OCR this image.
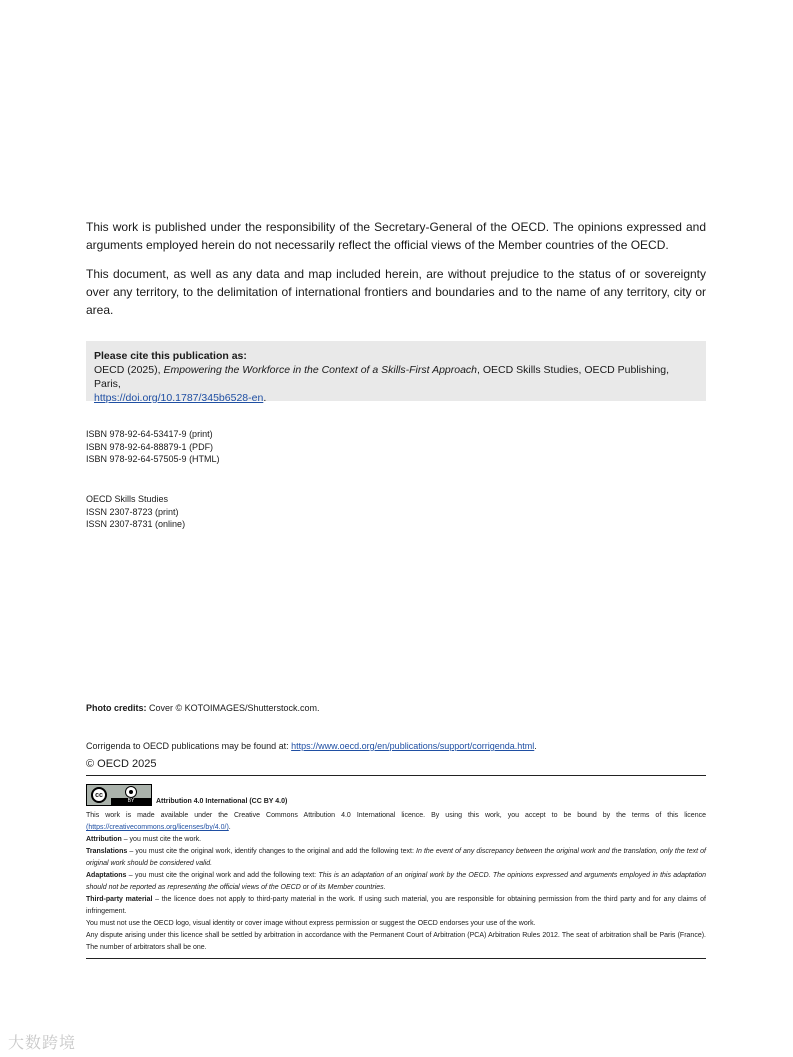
This work is published under the responsibility of the Secretary-General of the OECD. The opinions expressed and arguments employed herein do not necessarily reflect the official views of the Member countries of the OECD.

This document, as well as any data and map included herein, are without prejudice to the status of or sovereignty over any territory, to the delimitation of international frontiers and boundaries and to the name of any territory, city or area.

Please cite this publication as:
OECD (2025), Empowering the Workforce in the Context of a Skills-First Approach, OECD Skills Studies, OECD Publishing, Paris,
https://doi.org/10.1787/345b6528-en.

ISBN 978-92-64-53417-9 (print)

ISBN 978-92-64-88879-1 (PDF)

ISBN 978-92-64-57505-9 (HTML)

OECD Skills Studies

ISSN 2307-8723 (print)

ISSN 2307-8731 (online)

Photo credits: Cover © KOTOIMAGES/Shutterstock.com.

Corrigenda to OECD publications may be found at: https://www.oecd.org/en/publications/support/corrigenda.html.

© OECD 2025
cc
BY	Attribution 4.0 International (CC BY 4.0)

This work is made available under the Creative Commons Attribution 4.0 International licence. By using this work, you accept to be bound by the terms of this licence (https://creativecommons.org/licenses/by/4.0/).

Attribution – you must cite the work.

Translations – you must cite the original work, identify changes to the original and add the following text: In the event of any discrepancy between the original work and the translation, only the text of original work should be considered valid.

Adaptations – you must cite the original work and add the following text: This is an adaptation of an original work by the OECD. The opinions expressed and arguments employed in this adaptation should not be reported as representing the official views of the OECD or of its Member countries.

Third-party material – the licence does not apply to third-party material in the work. If using such material, you are responsible for obtaining permission from the third party and for any claims of infringement.

You must not use the OECD logo, visual identity or cover image without express permission or suggest the OECD endorses your use of the work.

Any dispute arising under this licence shall be settled by arbitration in accordance with the Permanent Court of Arbitration (PCA) Arbitration Rules 2012. The seat of arbitration shall be Paris (France). The number of arbitrators shall be one.

大数跨境
